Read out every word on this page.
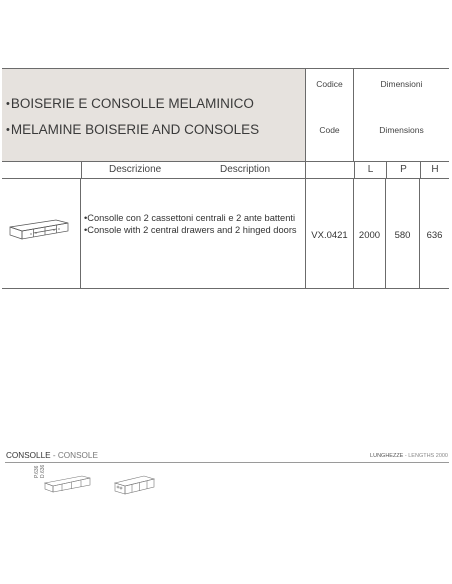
•BOISERIE E CONSOLLE MELAMINICO
•MELAMINE BOISERIE AND CONSOLES
Codice
Code
Dimensioni
Dimensions
Descrizione	Description	L	P	H
•Consolle con 2 cassettoni centrali e 2 ante battenti
•Console with 2 central drawers and 2 hinged doors	VX.0421	2000	580	636
CONSOLLE - CONSOLE	LUNGHEZZE - LENGTHS 2000
P.636 D.636
